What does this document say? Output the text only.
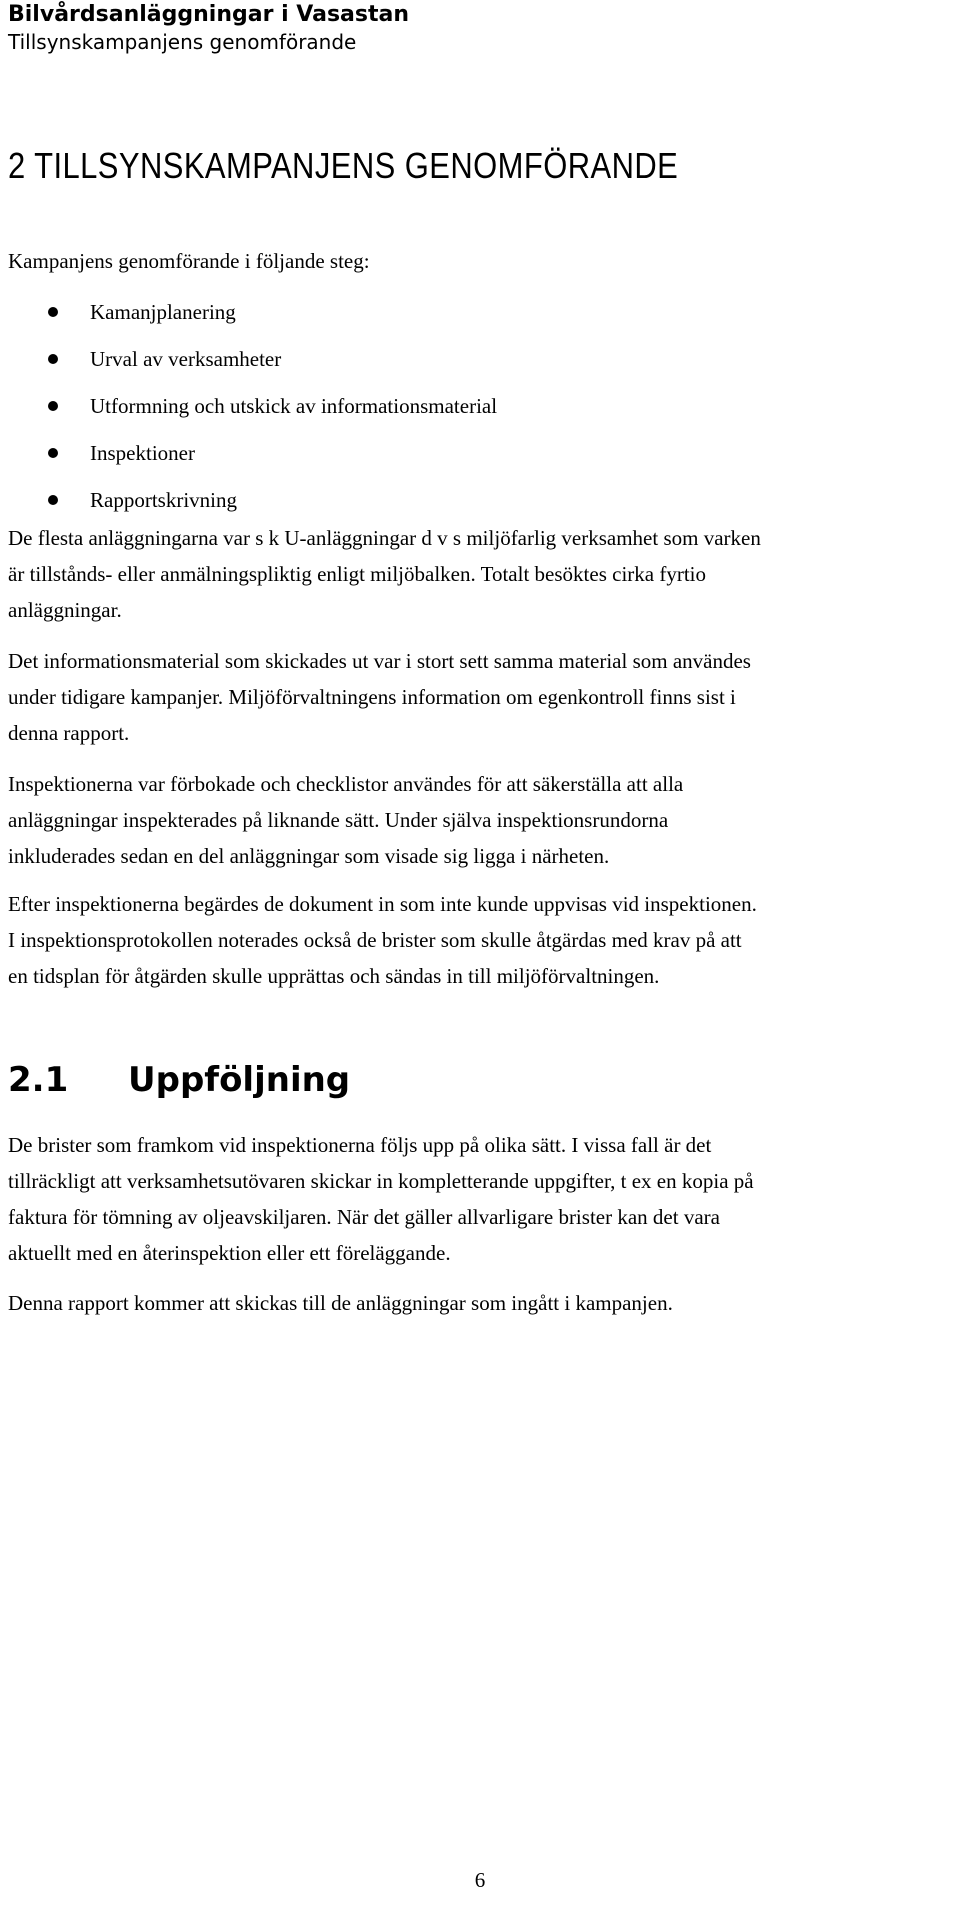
Bilvårdsanläggningar i Vasastan
Tillsynskampanjens genomförande
2 TILLSYNSKAMPANJENS GENOMFÖRANDE
Kampanjens genomförande i följande steg:
Kamanjplanering
Urval av verksamheter
Utformning och utskick av informationsmaterial
Inspektioner
Rapportskrivning
De flesta anläggningarna var s k U-anläggningar d v s miljöfarlig verksamhet som varken
är tillstånds- eller anmälningspliktig enligt miljöbalken. Totalt besöktes cirka fyrtio
anläggningar.
Det informationsmaterial som skickades ut var i stort sett samma material som användes
under tidigare kampanjer. Miljöförvaltningens information om egenkontroll finns sist i
denna rapport.
Inspektionerna var förbokade och checklistor användes för att säkerställa att alla
anläggningar inspekterades på liknande sätt. Under själva inspektionsrundorna
inkluderades sedan en del anläggningar som visade sig ligga i närheten.
Efter inspektionerna begärdes de dokument in som inte kunde uppvisas vid inspektionen.
I inspektionsprotokollen noterades också de brister som skulle åtgärdas med krav på att
en tidsplan för åtgärden skulle upprättas och sändas in till miljöförvaltningen.
2.1 Uppföljning
De brister som framkom vid inspektionerna följs upp på olika sätt. I vissa fall är det
tillräckligt att verksamhetsutövaren skickar in kompletterande uppgifter, t ex en kopia på
faktura för tömning av oljeavskiljaren. När det gäller allvarligare brister kan det vara
aktuellt med en återinspektion eller ett föreläggande.
Denna rapport kommer att skickas till de anläggningar som ingått i kampanjen.
6
